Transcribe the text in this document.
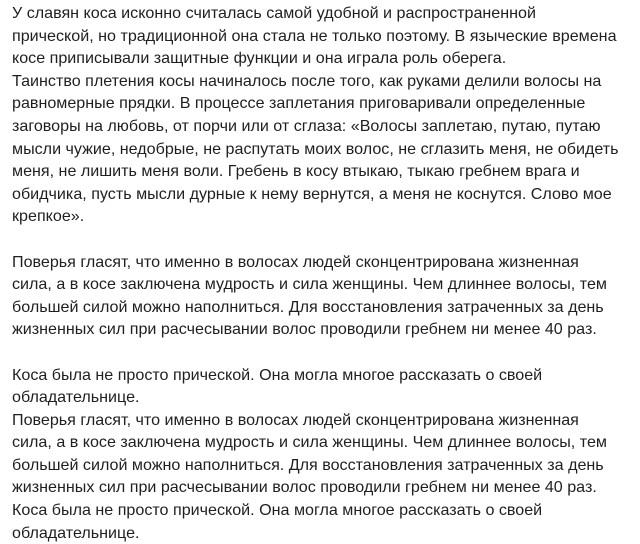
У славян коса исконно считалась самой удобной и распространенной
прической, но традиционной она стала не только поэтому. В языческие времена
косе приписывали защитные функции и она играла роль оберега.
Таинство плетения косы начиналось после того, как руками делили волосы на
равномерные прядки. В процессе заплетания приговаривали определенные
заговоры на любовь, от порчи или от сглаза: «Волосы заплетаю, путаю, путаю
мысли чужие, недобрые, не распутать моих волос, не сглазить меня, не обидеть
меня, не лишить меня воли. Гребень в косу втыкаю, тыкаю гребнем врага и
обидчика, пусть мысли дурные к нему вернутся, а меня не коснутся. Слово мое
крепкое».
Поверья гласят, что именно в волосах людей сконцентрирована жизненная
сила, а в косе заключена мудрость и сила женщины. Чем длиннее волосы, тем
большей силой можно наполниться. Для восстановления затраченных за день
жизненных сил при расчесывании волос проводили гребнем ни менее 40 раз.
Коса была не просто прической. Она могла многое рассказать о своей
обладательнице.
Поверья гласят, что именно в волосах людей сконцентрирована жизненная
сила, а в косе заключена мудрость и сила женщины. Чем длиннее волосы, тем
большей силой можно наполниться. Для восстановления затраченных за день
жизненных сил при расчесывании волос проводили гребнем ни менее 40 раз.
Коса была не просто прической. Она могла многое рассказать о своей
обладательнице.
